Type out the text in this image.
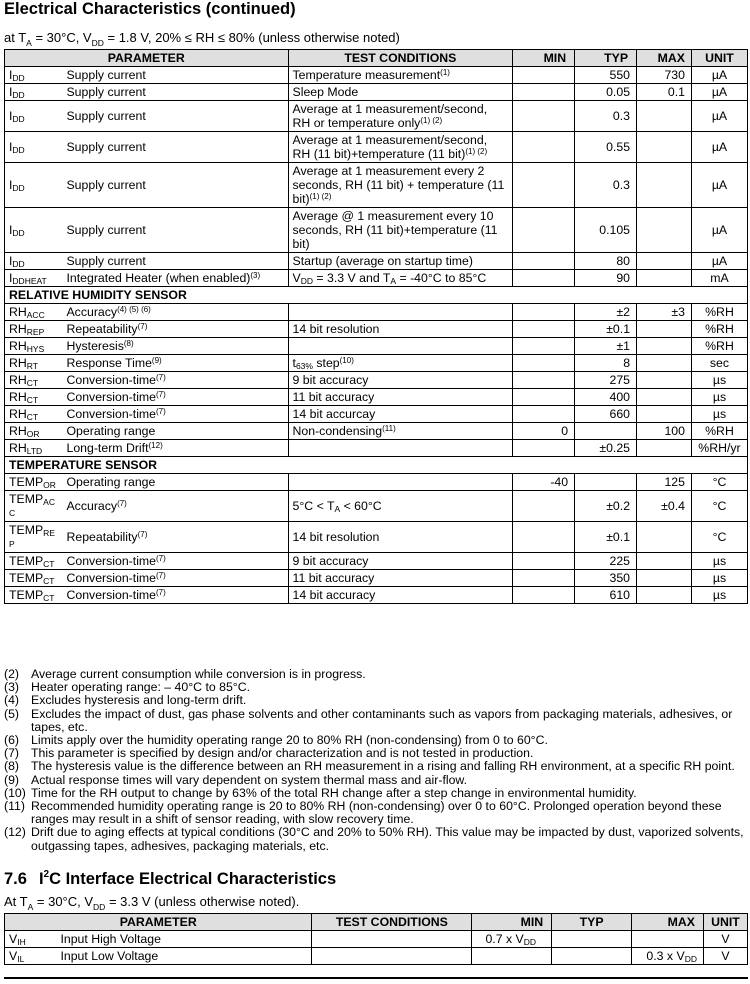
Electrical Characteristics (continued)
at $T_A = 30^\circ C$, $V_{DD} = 1.8$ V, 20% ≤ RH ≤ 80% (unless otherwise noted)
PARAMETER		TEST CONDITIONS	MIN	TYP	MAX	UNIT
$I_{DD}$	Supply current	Temperature measurement$^{(1)}$		550	730	µA
$I_{DD}$	Supply current	Sleep Mode		0.05	0.1	µA
$I_{DD}$	Supply current	Average at 1 measurement/second, RH or temperature only$^{(1) (2)}$		0.3		µA
$I_{DD}$	Supply current	Average at 1 measurement/second, RH (11 bit)+temperature (11 bit)$^{(1) (2)}$		0.55		µA
$I_{DD}$	Supply current	Average at 1 measurement every 2 seconds, RH (11 bit) + temperature (11 bit)$^{(1) (2)}$		0.3		µA
$I_{DD}$	Supply current	Average @ 1 measurement every 10 seconds, RH (11 bit)+temperature (11 bit)		0.105		µA
$I_{DD}$	Supply current	Startup (average on startup time)		80		µA
$I_{DDHEAT}$	Integrated Heater (when enabled)$^{(3)}$	$V_{DD} = 3.3$ V and $T_A = -40^\circ C$ to 85°C		90		mA
RELATIVE HUMIDITY SENSOR						
$RH_{ACC}$	Accuracy$^{(4) (5) (6)}$			±2	±3	%RH
$RH_{REP}$	Repeatability$^{(7)}$	14 bit resolution		±0.1		%RH
$RH_{HYS}$	Hysteresis$^{(8)}$			±1		%RH
$RH_{RT}$	Response Time$^{(9)}$	$t_{63\%}$ step$^{(10)}$		8		sec
$RH_{CT}$	Conversion-time$^{(7)}$	9 bit accuracy		275		µs
$RH_{CT}$	Conversion-time$^{(7)}$	11 bit accuracy		400		µs
$RH_{CT}$	Conversion-time$^{(7)}$	14 bit accurcay		660		µs
$RH_{OR}$	Operating range	Non-condensing$^{(11)}$	0		100	%RH
$RH_{LTD}$	Long-term Drift$^{(12)}$			±0.25		%RH/yr
TEMPERATURE SENSOR						
$TEMP_{OR}$	Operating range		-40		125	°C
$TEMP_{AC}$
C	Accuracy$^{(7)}$	$5^\circ C < T_A < 60^\circ C$		±0.2	±0.4	°C
$TEMP_{RE}$
P	Repeatability$^{(7)}$	14 bit resolution		±0.1		°C
$TEMP_{CT}$	Conversion-time$^{(7)}$	9 bit accuracy		225		µs
$TEMP_{CT}$	Conversion-time$^{(7)}$	11 bit accuracy		350		µs
$TEMP_{CT}$	Conversion-time$^{(7)}$	14 bit accuracy		610		µs
(2) Average current consumption while conversion is in progress.
(3) Heater operating range: – 40°C to 85°C.
(4) Excludes hysteresis and long-term drift.
(5) Excludes the impact of dust, gas phase solvents and other contaminants such as vapors from packaging materials, adhesives, or tapes, etc.
(6) Limits apply over the humidity operating range 20 to 80% RH (non-condensing) from 0 to 60°C.
(7) This parameter is specified by design and/or characterization and is not tested in production.
(8) The hysteresis value is the difference between an RH measurement in a rising and falling RH environment, at a specific RH point.
(9) Actual response times will vary dependent on system thermal mass and air-flow.
(10) Time for the RH output to change by 63% of the total RH change after a step change in environmental humidity.
(11) Recommended humidity operating range is 20 to 80% RH (non-condensing) over 0 to 60°C. Prolonged operation beyond these ranges may result in a shift of sensor reading, with slow recovery time.
(12) Drift due to aging effects at typical conditions (30°C and 20% to 50% RH). This value may be impacted by dust, vaporized solvents, outgassing tapes, adhesives, packaging materials, etc.
7.6 $I^2C$ Interface Electrical Characteristics
At $T_A = 30^\circ C$, $V_{DD} = 3.3$ V (unless otherwise noted).
PARAMETER		TEST CONDITIONS	MIN	TYP	MAX	UNIT
$V_{IH}$	Input High Voltage		0.7 x $V_{DD}$			V
$V_{IL}$	Input Low Voltage				0.3 x $V_{DD}$	V
